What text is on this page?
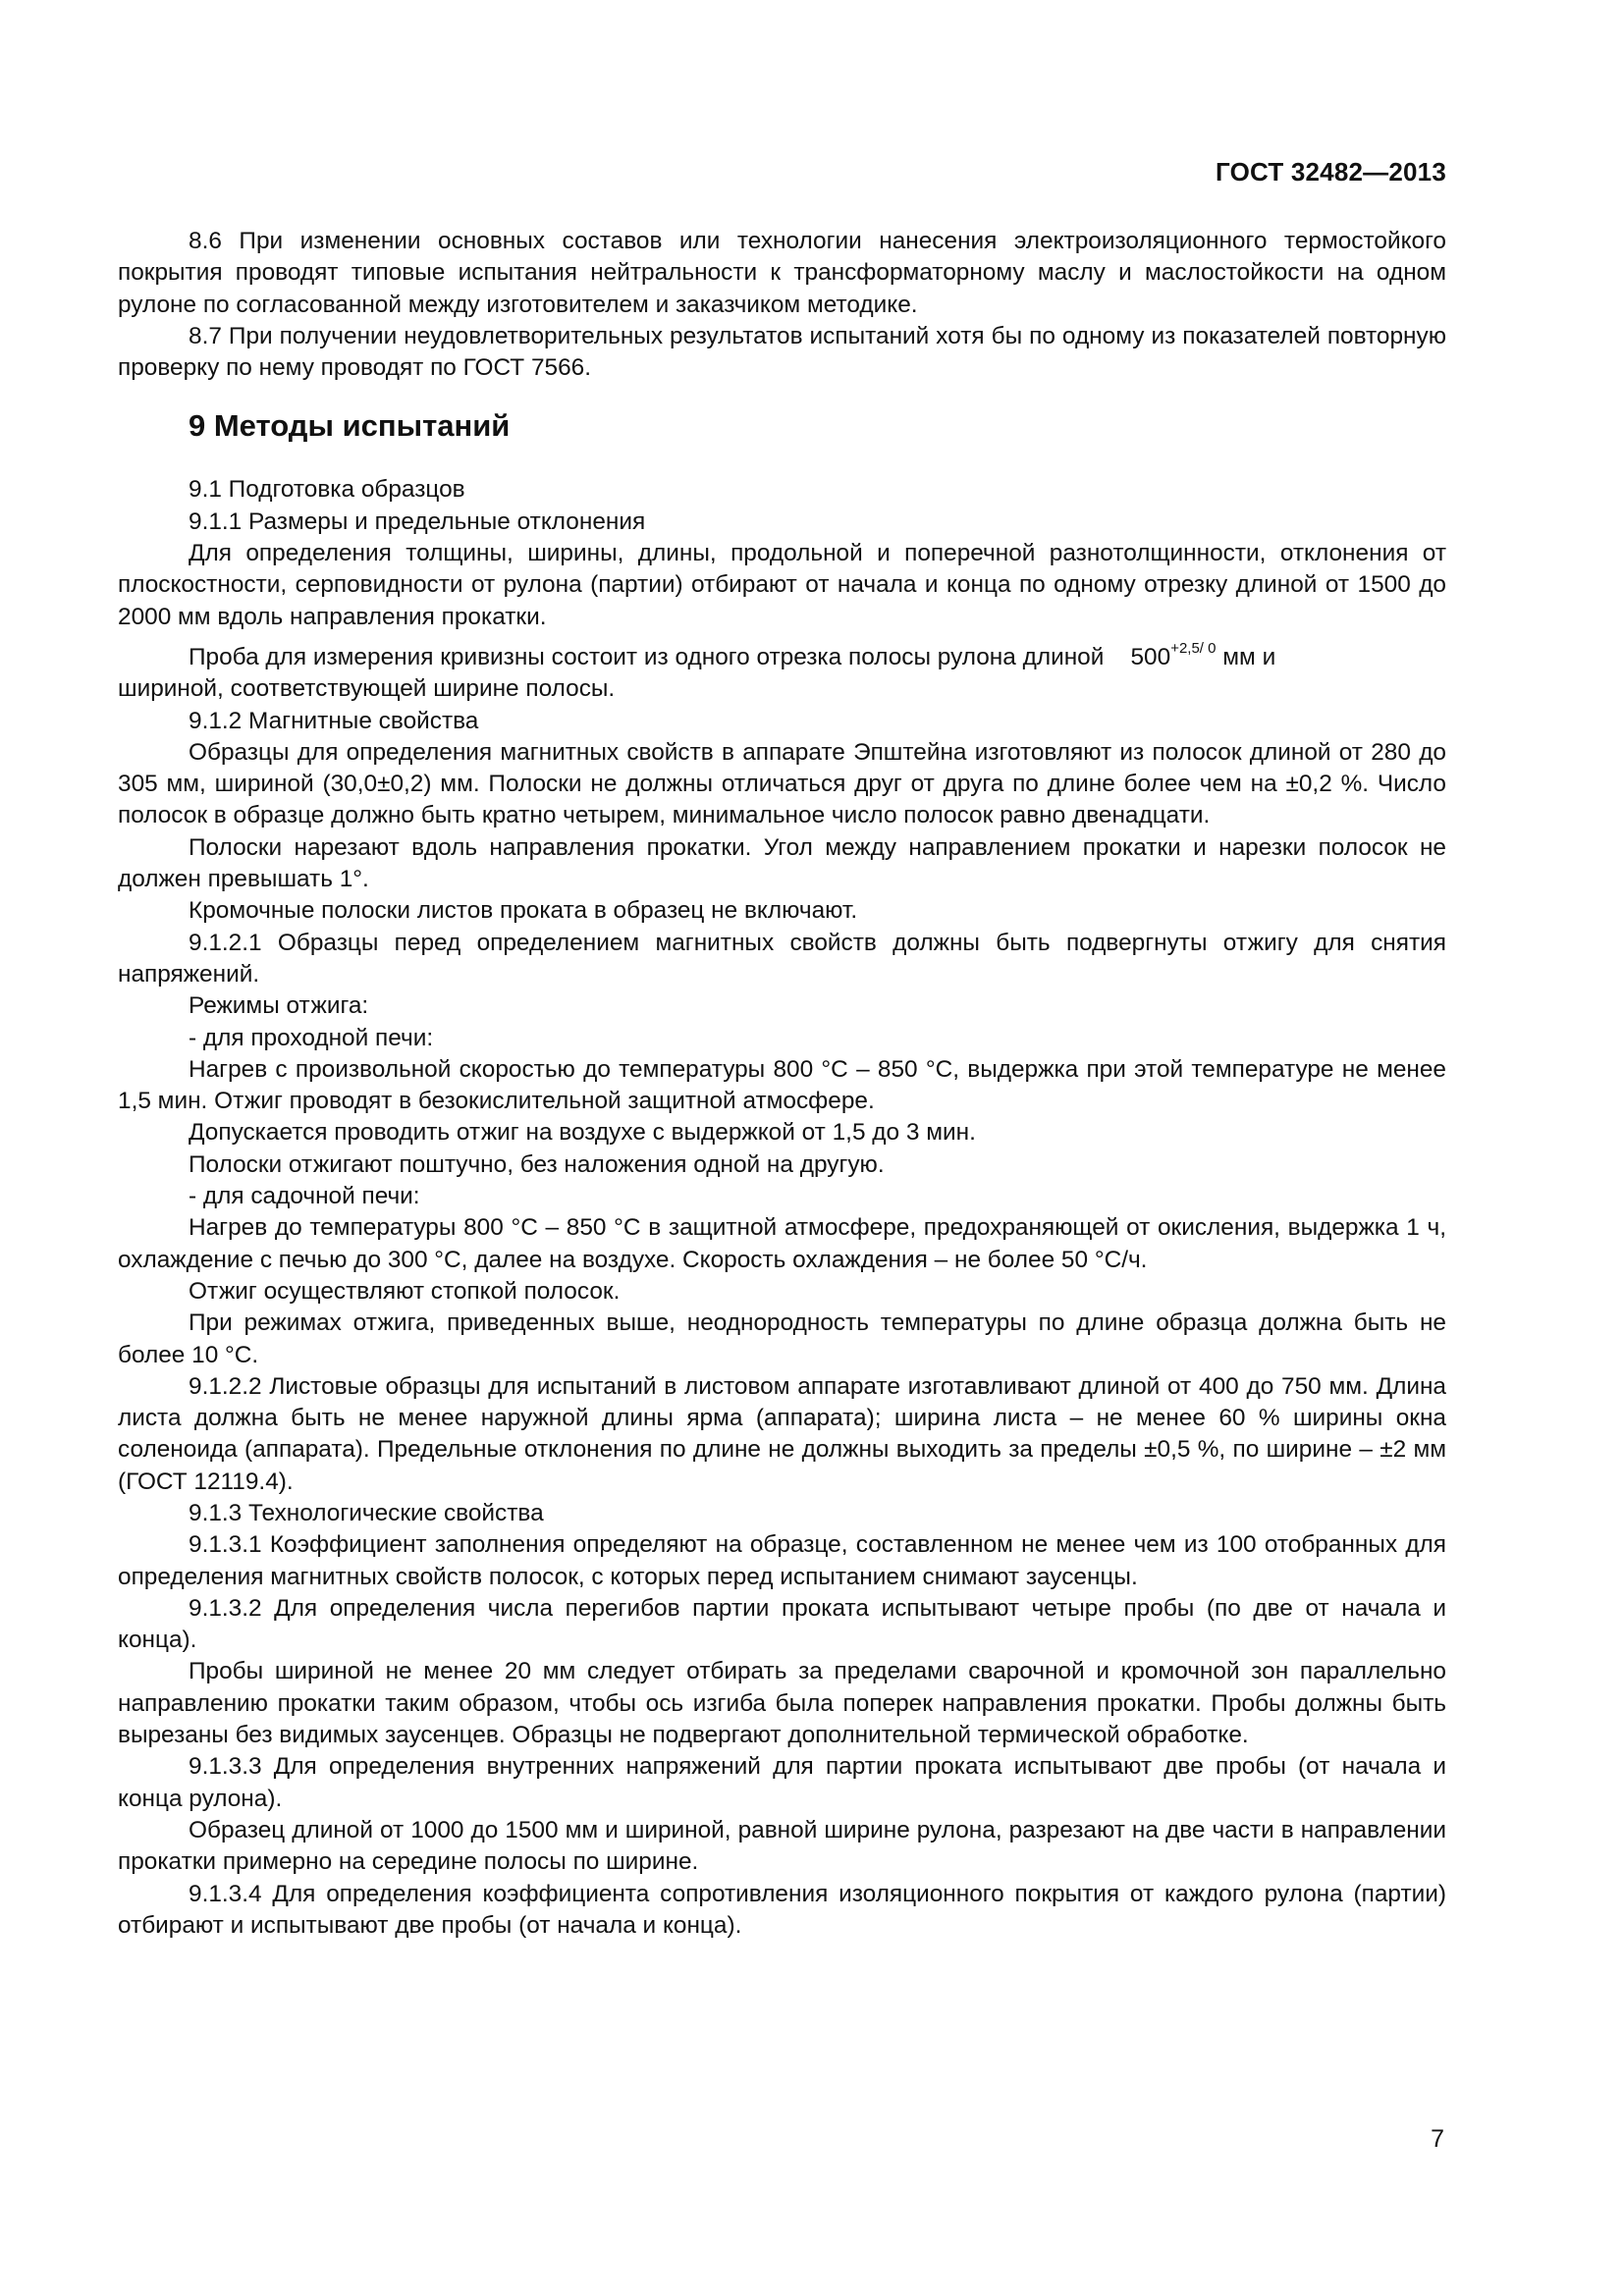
ГОСТ 32482—2013

8.6 При изменении основных составов или технологии нанесения электроизоляционного термостойкого покрытия проводят типовые испытания нейтральности к трансформаторному маслу и маслостойкости на одном рулоне по согласованной между изготовителем и заказчиком методике.

8.7 При получении неудовлетворительных результатов испытаний хотя бы по одному из показателей повторную проверку по нему проводят по ГОСТ 7566.

9 Методы испытаний

9.1 Подготовка образцов

9.1.1 Размеры и предельные отклонения

Для определения толщины, ширины, длины, продольной и поперечной разнотолщинности, отклонения от плоскостности, серповидности от рулона (партии) отбирают от начала и конца по одному отрезку длиной от 1500 до 2000 мм вдоль направления прокатки.

Проба для измерения кривизны состоит из одного отрезка полосы рулона длиной $500^{+2,5/ 0}$ мм и

шириной, соответствующей ширине полосы.

9.1.2 Магнитные свойства

Образцы для определения магнитных свойств в аппарате Эпштейна изготовляют из полосок длиной от 280 до 305 мм, шириной (30,0±0,2) мм. Полоски не должны отличаться друг от друга по длине более чем на ±0,2 %. Число полосок в образце должно быть кратно четырем, минимальное число полосок равно двенадцати.

Полоски нарезают вдоль направления прокатки. Угол между направлением прокатки и нарезки полосок не должен превышать 1°.

Кромочные полоски листов проката в образец не включают.

9.1.2.1 Образцы перед определением магнитных свойств должны быть подвергнуты отжигу для снятия напряжений.

Режимы отжига:

- для проходной печи:

Нагрев с произвольной скоростью до температуры 800 °С – 850 °С, выдержка при этой температуре не менее 1,5 мин. Отжиг проводят в безокислительной защитной атмосфере.

Допускается проводить отжиг на воздухе с выдержкой от 1,5 до 3 мин.

Полоски отжигают поштучно, без наложения одной на другую.

- для садочной печи:

Нагрев до температуры 800 °С – 850 °С в защитной атмосфере, предохраняющей от окисления, выдержка 1 ч, охлаждение с печью до 300 °С, далее на воздухе. Скорость охлаждения – не более 50 °С/ч.

Отжиг осуществляют стопкой полосок.

При режимах отжига, приведенных выше, неоднородность температуры по длине образца должна быть не более 10 °С.

9.1.2.2 Листовые образцы для испытаний в листовом аппарате изготавливают длиной от 400 до 750 мм. Длина листа должна быть не менее наружной длины ярма (аппарата); ширина листа – не менее 60 % ширины окна соленоида (аппарата). Предельные отклонения по длине не должны выходить за пределы ±0,5 %, по ширине – ±2 мм (ГОСТ 12119.4).

9.1.3 Технологические свойства

9.1.3.1 Коэффициент заполнения определяют на образце, составленном не менее чем из 100 отобранных для определения магнитных свойств полосок, с которых перед испытанием снимают заусенцы.

9.1.3.2 Для определения числа перегибов партии проката испытывают четыре пробы (по две от начала и конца).

Пробы шириной не менее 20 мм следует отбирать за пределами сварочной и кромочной зон параллельно направлению прокатки таким образом, чтобы ось изгиба была поперек направления прокатки. Пробы должны быть вырезаны без видимых заусенцев. Образцы не подвергают дополнительной термической обработке.

9.1.3.3 Для определения внутренних напряжений для партии проката испытывают две пробы (от начала и конца рулона).

Образец длиной от 1000 до 1500 мм и шириной, равной ширине рулона, разрезают на две части в направлении прокатки примерно на середине полосы по ширине.

9.1.3.4 Для определения коэффициента сопротивления изоляционного покрытия от каждого рулона (партии) отбирают и испытывают две пробы (от начала и конца).

7
